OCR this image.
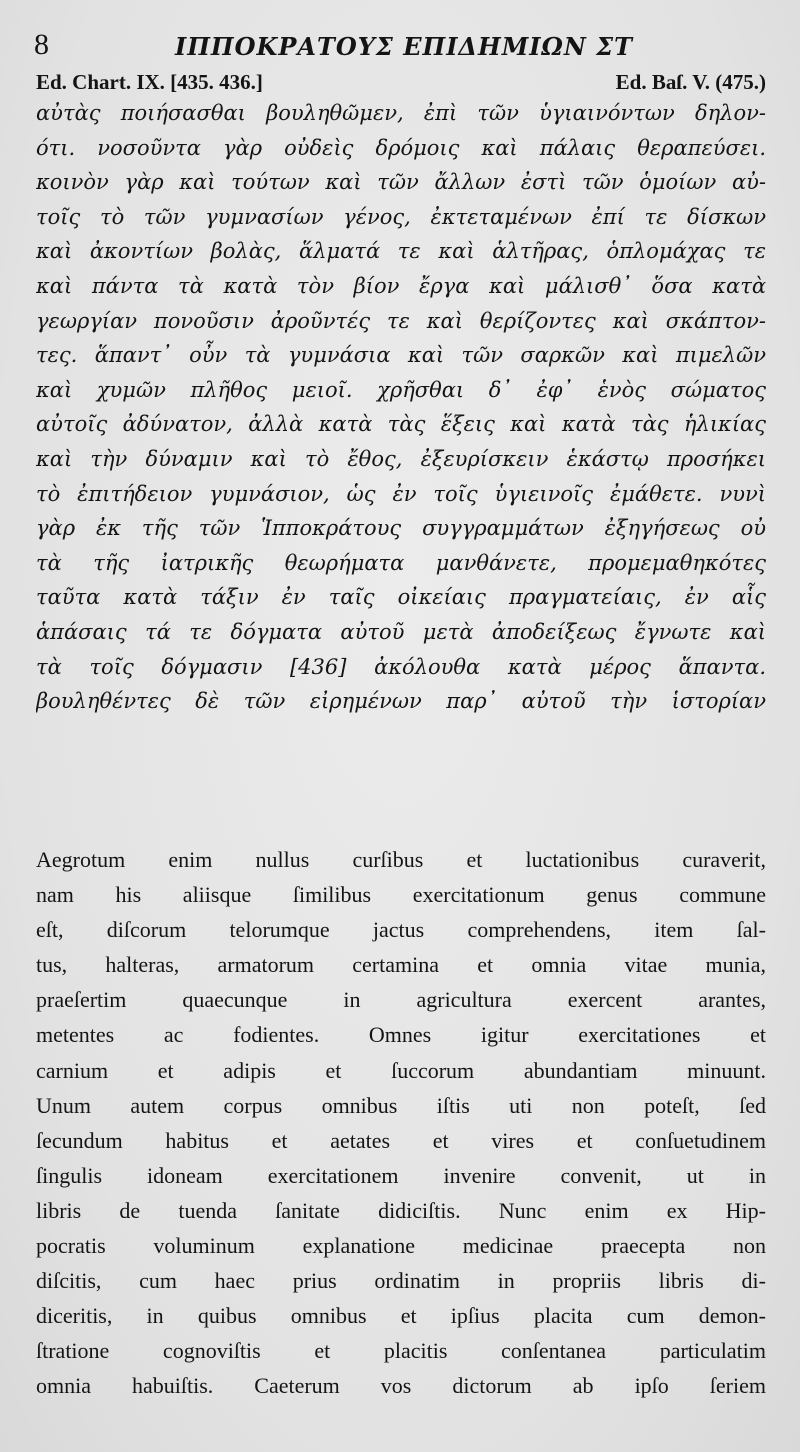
8	ΙΠΠΟΚΡΑΤΟΥΣ ΕΠΙΔΗΜΙΩΝ ΣΤ
Ed. Chart. IX. [435. 436.]	Ed. Baſ. V. (475.)
αὐτὰς ποιήσασθαι βουληθῶμεν, ἐπὶ τῶν ὑγιαινόντων δηλον-
ότι. νοσοῦντα γὰρ οὐδεὶς δρόμοις καὶ πάλαις θεραπεύσει.
κοινὸν γὰρ καὶ τούτων καὶ τῶν ἄλλων ἐστὶ τῶν ὁμοίων αὐ-
τοῖς τὸ τῶν γυμνασίων γένος, ἐκτεταμένων ἐπί τε δίσκων
καὶ ἀκοντίων βολὰς, ἅλματά τε καὶ ἁλτῆρας, ὁπλομάχας τε
καὶ πάντα τὰ κατὰ τὸν βίον ἔργα καὶ μάλισθ᾽ ὅσα κατὰ
γεωργίαν πονοῦσιν ἀροῦντές τε καὶ θερίζοντες καὶ σκάπτον-
τες. ἅπαντ᾽ οὖν τὰ γυμνάσια καὶ τῶν σαρκῶν καὶ πιμελῶν
καὶ χυμῶν πλῆθος μειοῖ. χρῆσθαι δ᾽ ἐφ᾽ ἑνὸς σώματος
αὐτοῖς ἀδύνατον, ἀλλὰ κατὰ τὰς ἕξεις καὶ κατὰ τὰς ἡλικίας
καὶ τὴν δύναμιν καὶ τὸ ἔθος, ἐξευρίσκειν ἑκάστῳ προσήκει
τὸ ἐπιτήδειον γυμνάσιον, ὡς ἐν τοῖς ὑγιεινοῖς ἐμάθετε. νυνὶ
γὰρ ἐκ τῆς τῶν Ἱπποκράτους συγγραμμάτων ἐξηγήσεως οὐ
τὰ τῆς ἰατρικῆς θεωρήματα μανθάνετε, προμεμαθηκότες
ταῦτα κατὰ τάξιν ἐν ταῖς οἰκείαις πραγματείαις, ἐν αἷς
ἁπάσαις τά τε δόγματα αὐτοῦ μετὰ ἀποδείξεως ἔγνωτε καὶ
τὰ τοῖς δόγμασιν [436] ἀκόλουθα κατὰ μέρος ἅπαντα.
βουληθέντες δὲ τῶν εἰρημένων παρ᾽ αὐτοῦ τὴν ἱστορίαν
Aegrotum enim nullus curſibus et luctationibus curaverit,
nam his aliisque ſimilibus exercitationum genus commune
eſt, diſcorum telorumque jactus comprehendens, item ſal-
tus, halteras, armatorum certamina et omnia vitae munia,
praeſertim quaecunque in agricultura exercent arantes,
metentes ac fodientes. Omnes igitur exercitationes et
carnium et adipis et ſuccorum abundantiam minuunt.
Unum autem corpus omnibus iſtis uti non poteſt, ſed
ſecundum habitus et aetates et vires et conſuetudinem
ſingulis idoneam exercitationem invenire convenit, ut in
libris de tuenda ſanitate didiciſtis. Nunc enim ex Hip-
pocratis voluminum explanatione medicinae praecepta non
diſcitis, cum haec prius ordinatim in propriis libris di-
diceritis, in quibus omnibus et ipſius placita cum demon-
ſtratione cognoviſtis et placitis conſentanea particulatim
omnia habuiſtis. Caeterum vos dictorum ab ipſo ſeriem
